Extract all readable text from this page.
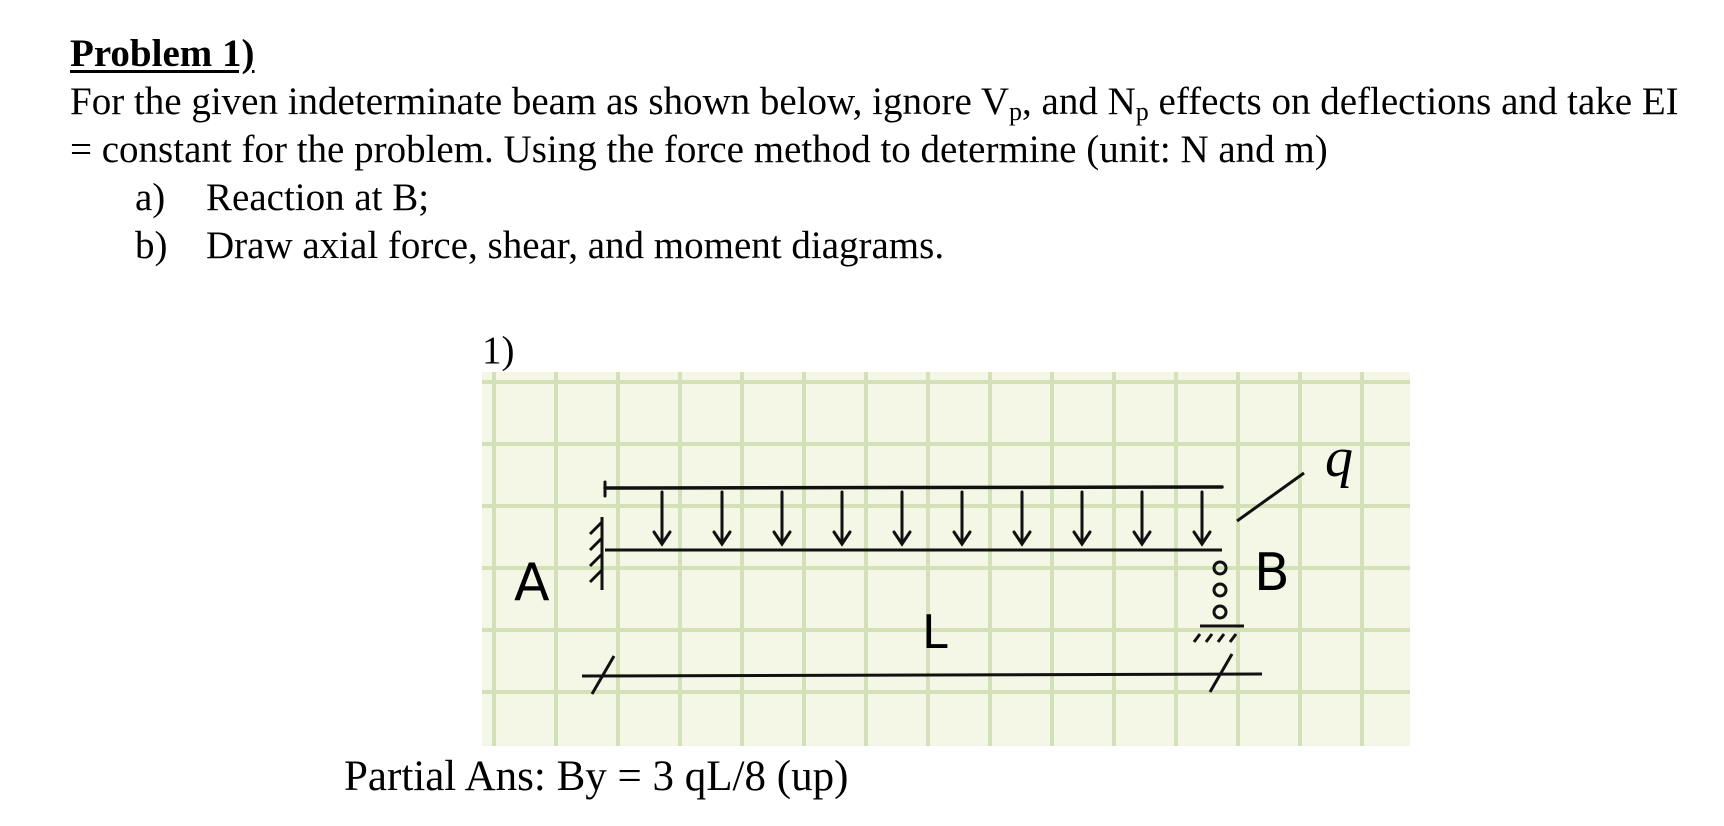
Problem 1)

For the given indeterminate beam as shown below, ignore $V_p$, and $N_p$ effects on deflections and take EI = constant for the problem. Using the force method to determine (unit: N and m)

a) Reaction at B;
b) Draw axial force, shear, and moment diagrams.
1)
q
A	B
L
Partial Ans: By = 3 qL/8 (up)
